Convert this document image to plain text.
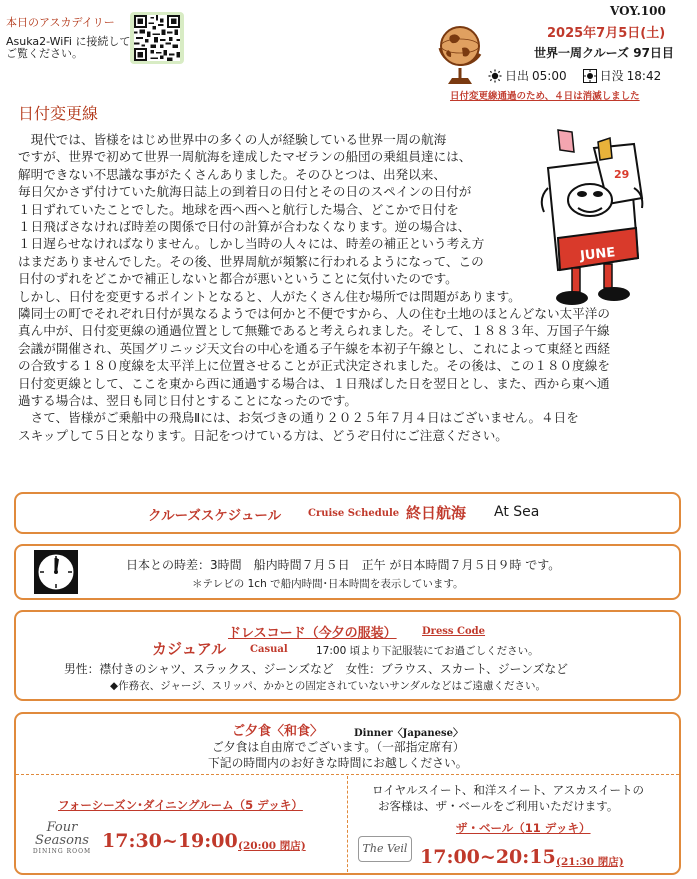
本日のアスカデイリー
Asuka2-WiFi に接続して
ご覧ください。
VOY.100
2025年7月5日(土)
世界一周クルーズ 97日目
日出 05:00	日没 18:42
日付変更線通過のため、４日は消滅しました
日付変更線
　現代では、皆様をはじめ世界中の多くの人が経験している世界一周の航海
ですが、世界で初めて世界一周航海を達成したマゼランの船団の乗組員達には、
解明できない不思議な事がたくさんありました。そのひとつは、出発以来、
毎日欠かさず付けていた航海日誌上の到着日の日付とその日のスペインの日付が
１日ずれていたことでした。地球を西へ西へと航行した場合、どこかで日付を
１日飛ばさなければ時差の関係で日付の計算が合わなくなります。逆の場合は、
１日遅らせなければなりません。しかし当時の人々には、時差の補正という考え方
はまだありませんでした。その後、世界周航が頻繁に行われるようになって、この
日付のずれをどこかで補正しないと都合が悪いということに気付いたのです。
しかし、日付を変更するポイントとなると、人がたくさん住む場所では問題があります。
隣同士の町でそれぞれ日付が異なるようでは何かと不便ですから、人の住む土地のほとんどない太平洋の
真ん中が、日付変更線の通過位置として無難であると考えられました。そして、１８８３年、万国子午線
会議が開催され、英国グリニッジ天文台の中心を通る子午線を本初子午線とし、これによって東経と西経
の合致する１８０度線を太平洋上に位置させることが正式決定されました。その後は、この１８０度線を
日付変更線として、ここを東から西に通過する場合は、１日飛ばした日を翌日とし、また、西から東へ通
過する場合は、翌日も同じ日付とすることになったのです。
　さて、皆様がご乗船中の飛鳥Ⅱには、お気づきの通り２０２５年７月４日はございません。４日を
スキップして５日となります。日記をつけている方は、どうぞ日付にご注意ください。
JUNE
29
クルーズスケジュール	Cruise Schedule 終日航海 At Sea
日本との時差：3時間　船内時間７月５日　正午 が日本時間７月５日９時 です。
＊テレビの 1ch で船内時間･日本時間を表示しています。
ドレスコード（今夕の服装）	Dress Code
カジュアル Casual	17:00 頃より下記服装にてお過ごしください。
男性：襟付きのシャツ、スラックス、ジーンズなど　女性：ブラウス、スカート、ジーンズなど
◆作務衣、ジャージ、スリッパ、かかとの固定されていないサンダルなどはご遠慮ください。
ご夕食〈和食〉	Dinner〈Japanese〉
ご夕食は自由席でございます。（一部指定席有）
下記の時間内のお好きな時間にお越しください。
フォーシーズン･ダイニングルーム（5 デッキ）
Four
Seasons
DINING ROOM 17:30~19:00 (20:00 閉店)
ロイヤルスイート、和洋スイート、アスカスイートの
お客様は、ザ・ベールをご利用いただけます。
ザ・ベール（11 デッキ）
The Veil 17:00~20:15 (21:30 閉店)
